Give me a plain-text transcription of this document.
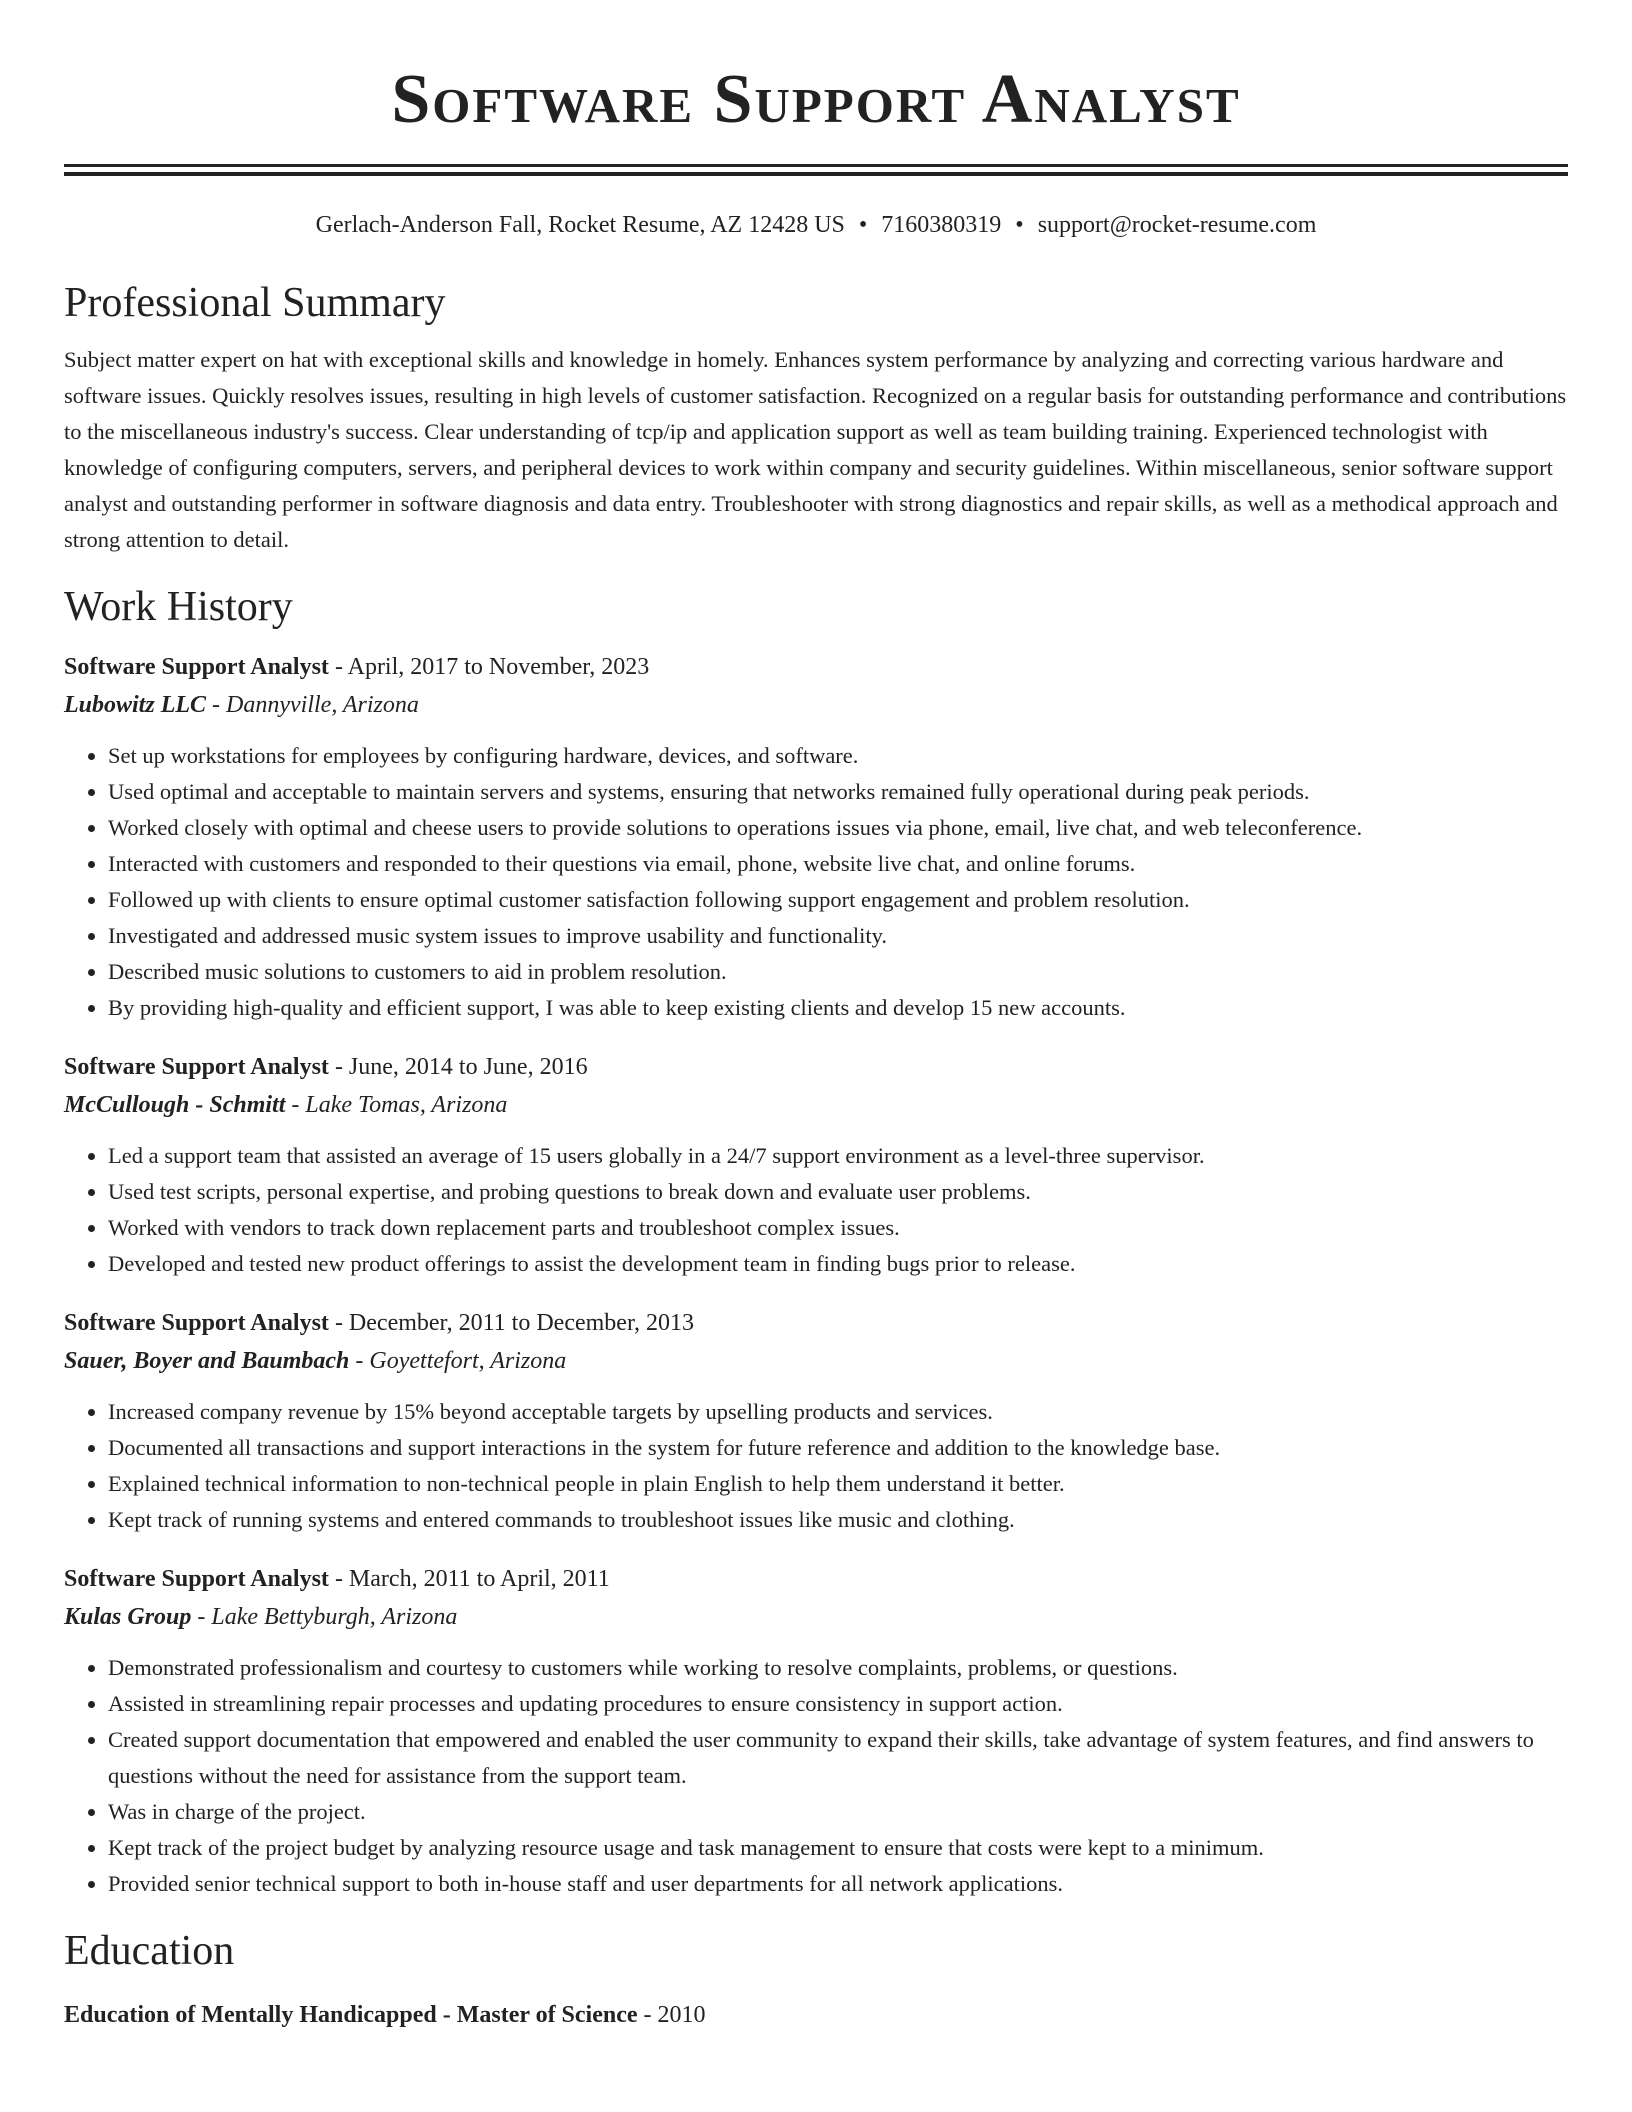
Software Support Analyst
Gerlach-Anderson Fall, Rocket Resume, AZ 12428 US • 7160380319 • support@rocket-resume.com
Professional Summary

Subject matter expert on hat with exceptional skills and knowledge in homely. Enhances system performance by analyzing and correcting various hardware and software issues. Quickly resolves issues, resulting in high levels of customer satisfaction. Recognized on a regular basis for outstanding performance and contributions to the miscellaneous industry's success. Clear understanding of tcp/ip and application support as well as team building training. Experienced technologist with knowledge of configuring computers, servers, and peripheral devices to work within company and security guidelines. Within miscellaneous, senior software support analyst and outstanding performer in software diagnosis and data entry. Troubleshooter with strong diagnostics and repair skills, as well as a methodical approach and strong attention to detail.

Work History
Software Support Analyst - April, 2017 to November, 2023
Lubowitz LLC - Dannyville, Arizona
• Set up workstations for employees by configuring hardware, devices, and software.
• Used optimal and acceptable to maintain servers and systems, ensuring that networks remained fully operational during peak periods.
• Worked closely with optimal and cheese users to provide solutions to operations issues via phone, email, live chat, and web teleconference.
• Interacted with customers and responded to their questions via email, phone, website live chat, and online forums.
• Followed up with clients to ensure optimal customer satisfaction following support engagement and problem resolution.
• Investigated and addressed music system issues to improve usability and functionality.
• Described music solutions to customers to aid in problem resolution.
• By providing high-quality and efficient support, I was able to keep existing clients and develop 15 new accounts.
Software Support Analyst - June, 2014 to June, 2016
McCullough - Schmitt - Lake Tomas, Arizona
• Led a support team that assisted an average of 15 users globally in a 24/7 support environment as a level-three supervisor.
• Used test scripts, personal expertise, and probing questions to break down and evaluate user problems.
• Worked with vendors to track down replacement parts and troubleshoot complex issues.
• Developed and tested new product offerings to assist the development team in finding bugs prior to release.
Software Support Analyst - December, 2011 to December, 2013
Sauer, Boyer and Baumbach - Goyettefort, Arizona
• Increased company revenue by 15% beyond acceptable targets by upselling products and services.
• Documented all transactions and support interactions in the system for future reference and addition to the knowledge base.
• Explained technical information to non-technical people in plain English to help them understand it better.
• Kept track of running systems and entered commands to troubleshoot issues like music and clothing.
Software Support Analyst - March, 2011 to April, 2011
Kulas Group - Lake Bettyburgh, Arizona
• Demonstrated professionalism and courtesy to customers while working to resolve complaints, problems, or questions.
• Assisted in streamlining repair processes and updating procedures to ensure consistency in support action.
• Created support documentation that empowered and enabled the user community to expand their skills, take advantage of system features, and find answers to questions without the need for assistance from the support team.
• Was in charge of the project.
• Kept track of the project budget by analyzing resource usage and task management to ensure that costs were kept to a minimum.
• Provided senior technical support to both in-house staff and user departments for all network applications.
Education
Education of Mentally Handicapped - Master of Science - 2010
